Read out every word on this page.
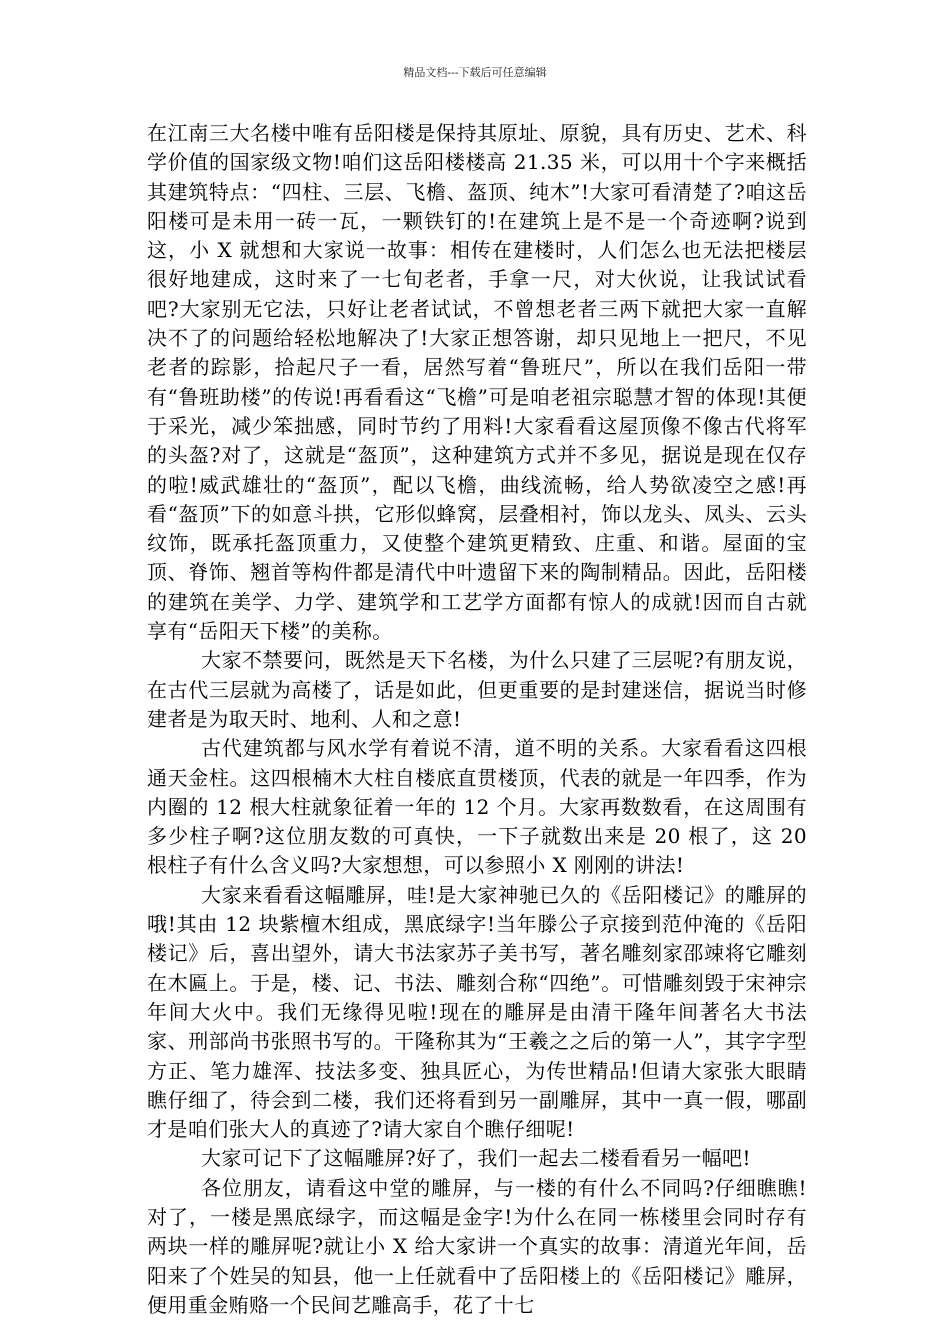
精品文档---下载后可任意编辑

在江南三大名楼中唯有岳阳楼是保持其原址、原貌，具有历史、艺术、科学价值的国家级文物!咱们这岳阳楼楼高 21.35 米，可以用十个字来概括其建筑特点：“四柱、三层、飞檐、盔顶、纯木”!大家可看清楚了?咱这岳阳楼可是未用一砖一瓦，一颗铁钉的!在建筑上是不是一个奇迹啊?说到这，小 X 就想和大家说一故事：相传在建楼时，人们怎么也无法把楼层很好地建成，这时来了一七旬老者，手拿一尺，对大伙说，让我试试看吧?大家别无它法，只好让老者试试，不曾想老者三两下就把大家一直解决不了的问题给轻松地解决了!大家正想答谢，却只见地上一把尺，不见老者的踪影，拾起尺子一看，居然写着“鲁班尺”，所以在我们岳阳一带有“鲁班助楼”的传说!再看看这“飞檐”可是咱老祖宗聪慧才智的体现!其便于采光，减少笨拙感，同时节约了用料!大家看看这屋顶像不像古代将军的头盔?对了，这就是“盔顶”，这种建筑方式并不多见，据说是现在仅存的啦!威武雄壮的“盔顶”，配以飞檐，曲线流畅，给人势欲凌空之感!再看“盔顶”下的如意斗拱，它形似蜂窝，层叠相衬，饰以龙头、凤头、云头纹饰，既承托盔顶重力，又使整个建筑更精致、庄重、和谐。屋面的宝顶、脊饰、翘首等构件都是清代中叶遗留下来的陶制精品。因此，岳阳楼的建筑在美学、力学、建筑学和工艺学方面都有惊人的成就!因而自古就享有“岳阳天下楼”的美称。

大家不禁要问，既然是天下名楼，为什么只建了三层呢?有朋友说，在古代三层就为高楼了，话是如此，但更重要的是封建迷信，据说当时修建者是为取天时、地利、人和之意!

古代建筑都与风水学有着说不清，道不明的关系。大家看看这四根通天金柱。这四根楠木大柱自楼底直贯楼顶，代表的就是一年四季，作为内圈的 12 根大柱就象征着一年的 12 个月。大家再数数看，在这周围有多少柱子啊?这位朋友数的可真快，一下子就数出来是 20 根了，这 20 根柱子有什么含义吗?大家想想，可以参照小 X 刚刚的讲法!

大家来看看这幅雕屏，哇!是大家神驰已久的《岳阳楼记》的雕屏的哦!其由 12 块紫檀木组成，黑底绿字!当年滕公子京接到范仲淹的《岳阳楼记》后，喜出望外，请大书法家苏子美书写，著名雕刻家邵竦将它雕刻在木匾上。于是，楼、记、书法、雕刻合称“四绝”。可惜雕刻毁于宋神宗年间大火中。我们无缘得见啦!现在的雕屏是由清干隆年间著名大书法家、刑部尚书张照书写的。干隆称其为“王羲之之后的第一人”，其字字型方正、笔力雄浑、技法多变、独具匠心，为传世精品!但请大家张大眼睛瞧仔细了，待会到二楼，我们还将看到另一副雕屏，其中一真一假，哪副才是咱们张大人的真迹了?请大家自个瞧仔细呢!

大家可记下了这幅雕屏?好了，我们一起去二楼看看另一幅吧!

各位朋友，请看这中堂的雕屏，与一楼的有什么不同吗?仔细瞧瞧!对了，一楼是黑底绿字，而这幅是金字!为什么在同一栋楼里会同时存有两块一样的雕屏呢?就让小 X 给大家讲一个真实的故事：清道光年间，岳阳来了个姓吴的知县，他一上任就看中了岳阳楼上的《岳阳楼记》雕屏，便用重金贿赂一个民间艺雕高手，花了十七
